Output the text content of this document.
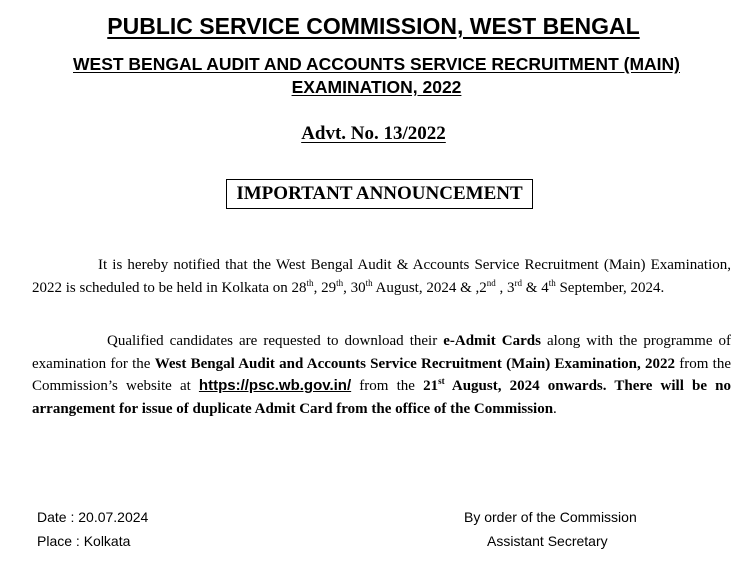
PUBLIC SERVICE COMMISSION, WEST BENGAL
WEST BENGAL AUDIT AND ACCOUNTS SERVICE RECRUITMENT (MAIN) EXAMINATION, 2022
Advt. No. 13/2022
IMPORTANT ANNOUNCEMENT
It is hereby notified that the West Bengal Audit & Accounts Service Recruitment (Main) Examination, 2022 is scheduled to be held in Kolkata on 28th, 29th, 30th August, 2024 & ,2nd , 3rd & 4th September, 2024.
Qualified candidates are requested to download their e-Admit Cards along with the programme of examination for the West Bengal Audit and Accounts Service Recruitment (Main) Examination, 2022 from the Commission’s website at https://psc.wb.gov.in/ from the 21st August, 2024 onwards. There will be no arrangement for issue of duplicate Admit Card from the office of the Commission.
Date : 20.07.2024
Place : Kolkata
By order of the Commission
Assistant Secretary
